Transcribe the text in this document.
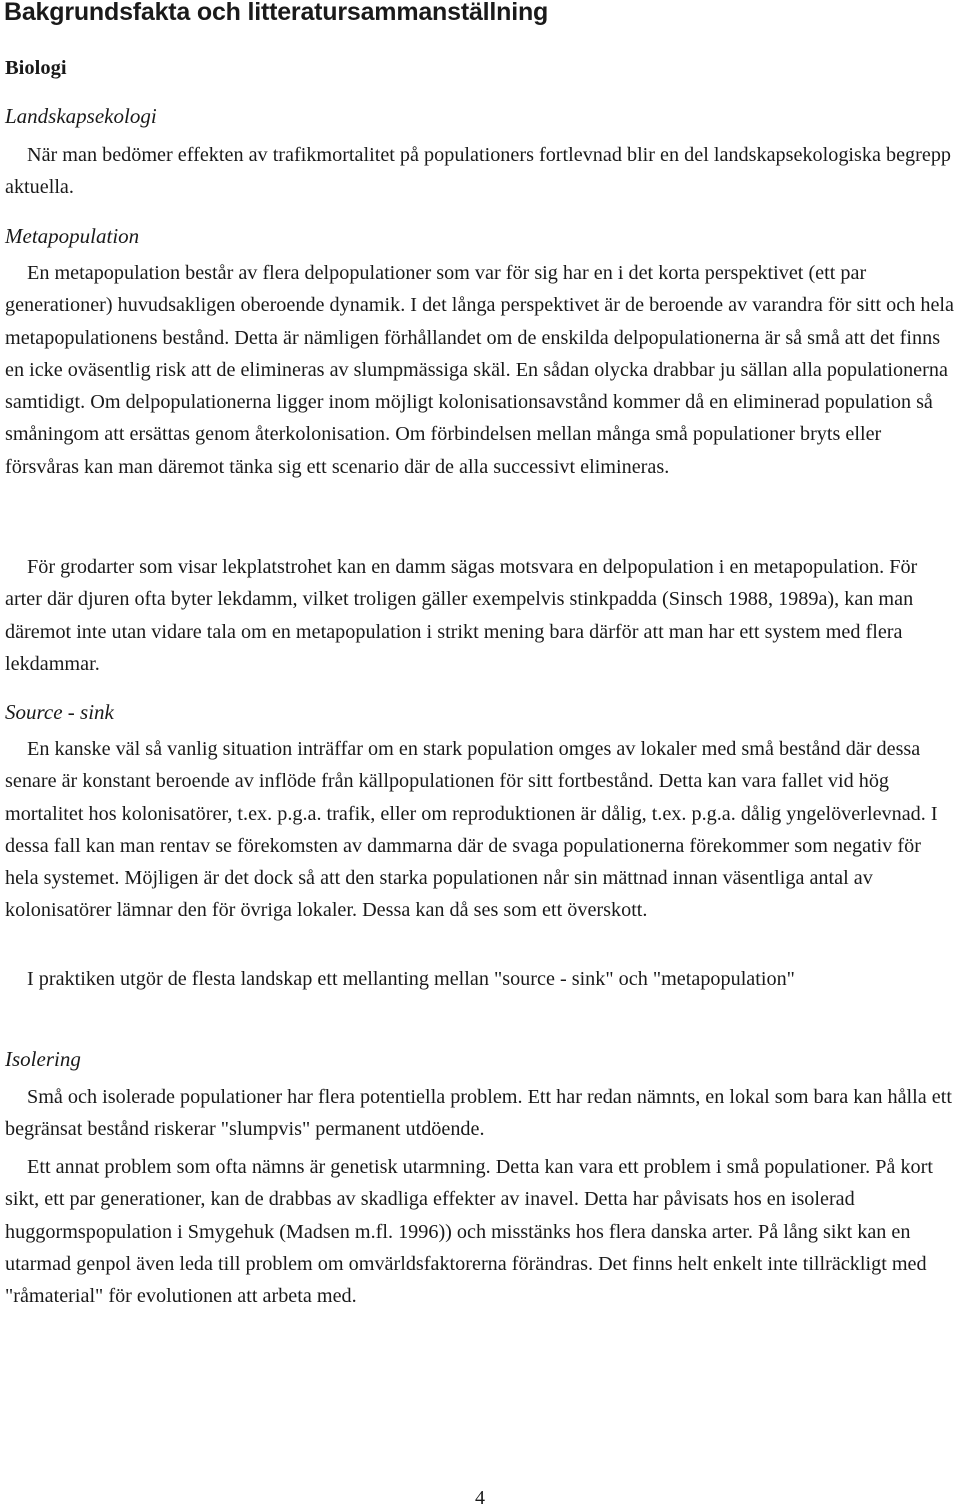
Bakgrundsfakta och litteratursammanställning
Biologi
Landskapsekologi

När man bedömer effekten av trafikmortalitet på populationers fortlevnad blir en del landskapsekologiska begrepp aktuella.

Metapopulation

En metapopulation består av flera delpopulationer som var för sig har en i det korta perspektivet (ett par generationer) huvudsakligen oberoende dynamik. I det långa perspektivet är de beroende av varandra för sitt och hela metapopulationens bestånd. Detta är nämligen förhållandet om de enskilda delpopulationerna är så små att det finns en icke oväsentlig risk att de elimineras av slumpmässiga skäl. En sådan olycka drabbar ju sällan alla populationerna samtidigt. Om delpopulationerna ligger inom möjligt kolonisationsavstånd kommer då en eliminerad population så småningom att ersättas genom återkolonisation. Om förbindelsen mellan många små populationer bryts eller försvåras kan man däremot tänka sig ett scenario där de alla successivt elimineras.

För grodarter som visar lekplatstrohet kan en damm sägas motsvara en delpopulation i en metapopulation. För arter där djuren ofta byter lekdamm, vilket troligen gäller exempelvis stinkpadda (Sinsch 1988, 1989a), kan man däremot inte utan vidare tala om en metapopulation i strikt mening bara därför att man har ett system med flera lekdammar.

Source - sink

En kanske väl så vanlig situation inträffar om en stark population omges av lokaler med små bestånd där dessa senare är konstant beroende av inflöde från källpopulationen för sitt fortbestånd. Detta kan vara fallet vid hög mortalitet hos kolonisatörer, t.ex. p.g.a. trafik, eller om reproduktionen är dålig, t.ex. p.g.a. dålig yngelöverlevnad. I dessa fall kan man rentav se förekomsten av dammarna där de svaga populationerna förekommer som negativ för hela systemet. Möjligen är det dock så att den starka populationen når sin mättnad innan väsentliga antal av kolonisatörer lämnar den för övriga lokaler. Dessa kan då ses som ett överskott.

I praktiken utgör de flesta landskap ett mellanting mellan "source - sink" och "metapopulation"

Isolering

Små och isolerade populationer har flera potentiella problem. Ett har redan nämnts, en lokal som bara kan hålla ett begränsat bestånd riskerar "slumpvis" permanent utdöende.

Ett annat problem som ofta nämns är genetisk utarmning. Detta kan vara ett problem i små populationer. På kort sikt, ett par generationer, kan de drabbas av skadliga effekter av inavel. Detta har påvisats hos en isolerad huggormspopulation i Smygehuk (Madsen m.fl. 1996)) och misstänks hos flera danska arter. På lång sikt kan en utarmad genpol även leda till problem om omvärldsfaktorerna förändras. Det finns helt enkelt inte tillräckligt med "råmaterial" för evolutionen att arbeta med.

4
